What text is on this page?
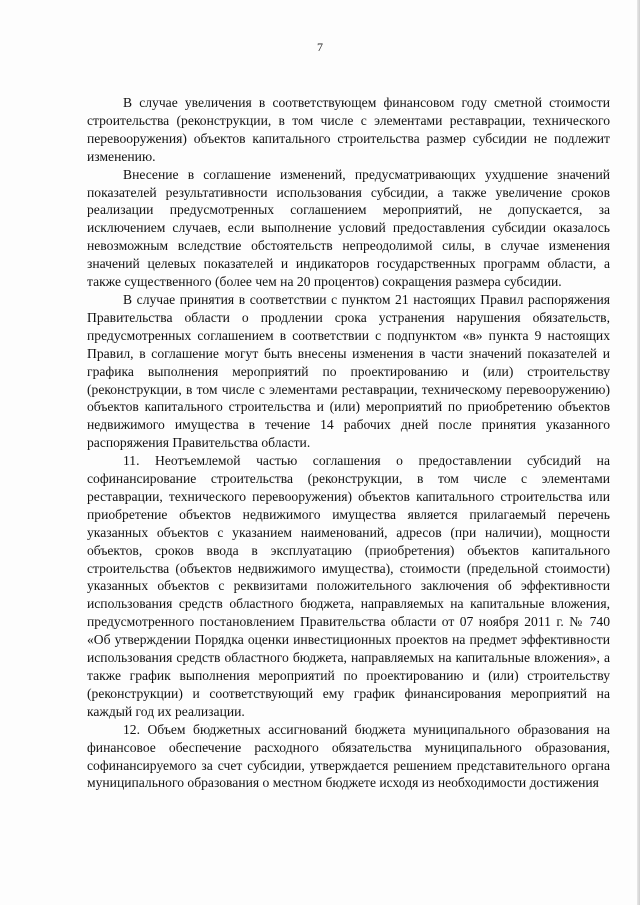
7

В случае увеличения в соответствующем финансовом году сметной стоимости строительства (реконструкции, в том числе с элементами реставрации, технического перевооружения) объектов капитального строительства размер субсидии не подлежит изменению.

Внесение в соглашение изменений, предусматривающих ухудшение значений показателей результативности использования субсидии, а также увеличение сроков реализации предусмотренных соглашением мероприятий, не допускается, за исключением случаев, если выполнение условий предоставления субсидии оказалось невозможным вследствие обстоятельств непреодолимой силы, в случае изменения значений целевых показателей и индикаторов государственных программ области, а также существенного (более чем на 20 процентов) сокращения размера субсидии.

В случае принятия в соответствии с пунктом 21 настоящих Правил распоряжения Правительства области о продлении срока устранения нарушения обязательств, предусмотренных соглашением в соответствии с подпунктом «в» пункта 9 настоящих Правил, в соглашение могут быть внесены изменения в части значений показателей и графика выполнения мероприятий по проектированию и (или) строительству (реконструкции, в том числе с элементами реставрации, техническому перевооружению) объектов капитального строительства и (или) мероприятий по приобретению объектов недвижимого имущества в течение 14 рабочих дней после принятия указанного распоряжения Правительства области.

11. Неотъемлемой частью соглашения о предоставлении субсидий на софинансирование строительства (реконструкции, в том числе с элементами реставрации, технического перевооружения) объектов капитального строительства или приобретение объектов недвижимого имущества является прилагаемый перечень указанных объектов с указанием наименований, адресов (при наличии), мощности объектов, сроков ввода в эксплуатацию (приобретения) объектов капитального строительства (объектов недвижимого имущества), стоимости (предельной стоимости) указанных объектов с реквизитами положительного заключения об эффективности использования средств областного бюджета, направляемых на капитальные вложения, предусмотренного постановлением Правительства области от 07 ноября 2011 г. № 740 «Об утверждении Порядка оценки инвестиционных проектов на предмет эффективности использования средств областного бюджета, направляемых на капитальные вложения», а также график выполнения мероприятий по проектированию и (или) строительству (реконструкции) и соответствующий ему график финансирования мероприятий на каждый год их реализации.

12. Объем бюджетных ассигнований бюджета муниципального образования на финансовое обеспечение расходного обязательства муниципального образования, софинансируемого за счет субсидии, утверждается решением представительного органа муниципального образования о местном бюджете исходя из необходимости достижения
